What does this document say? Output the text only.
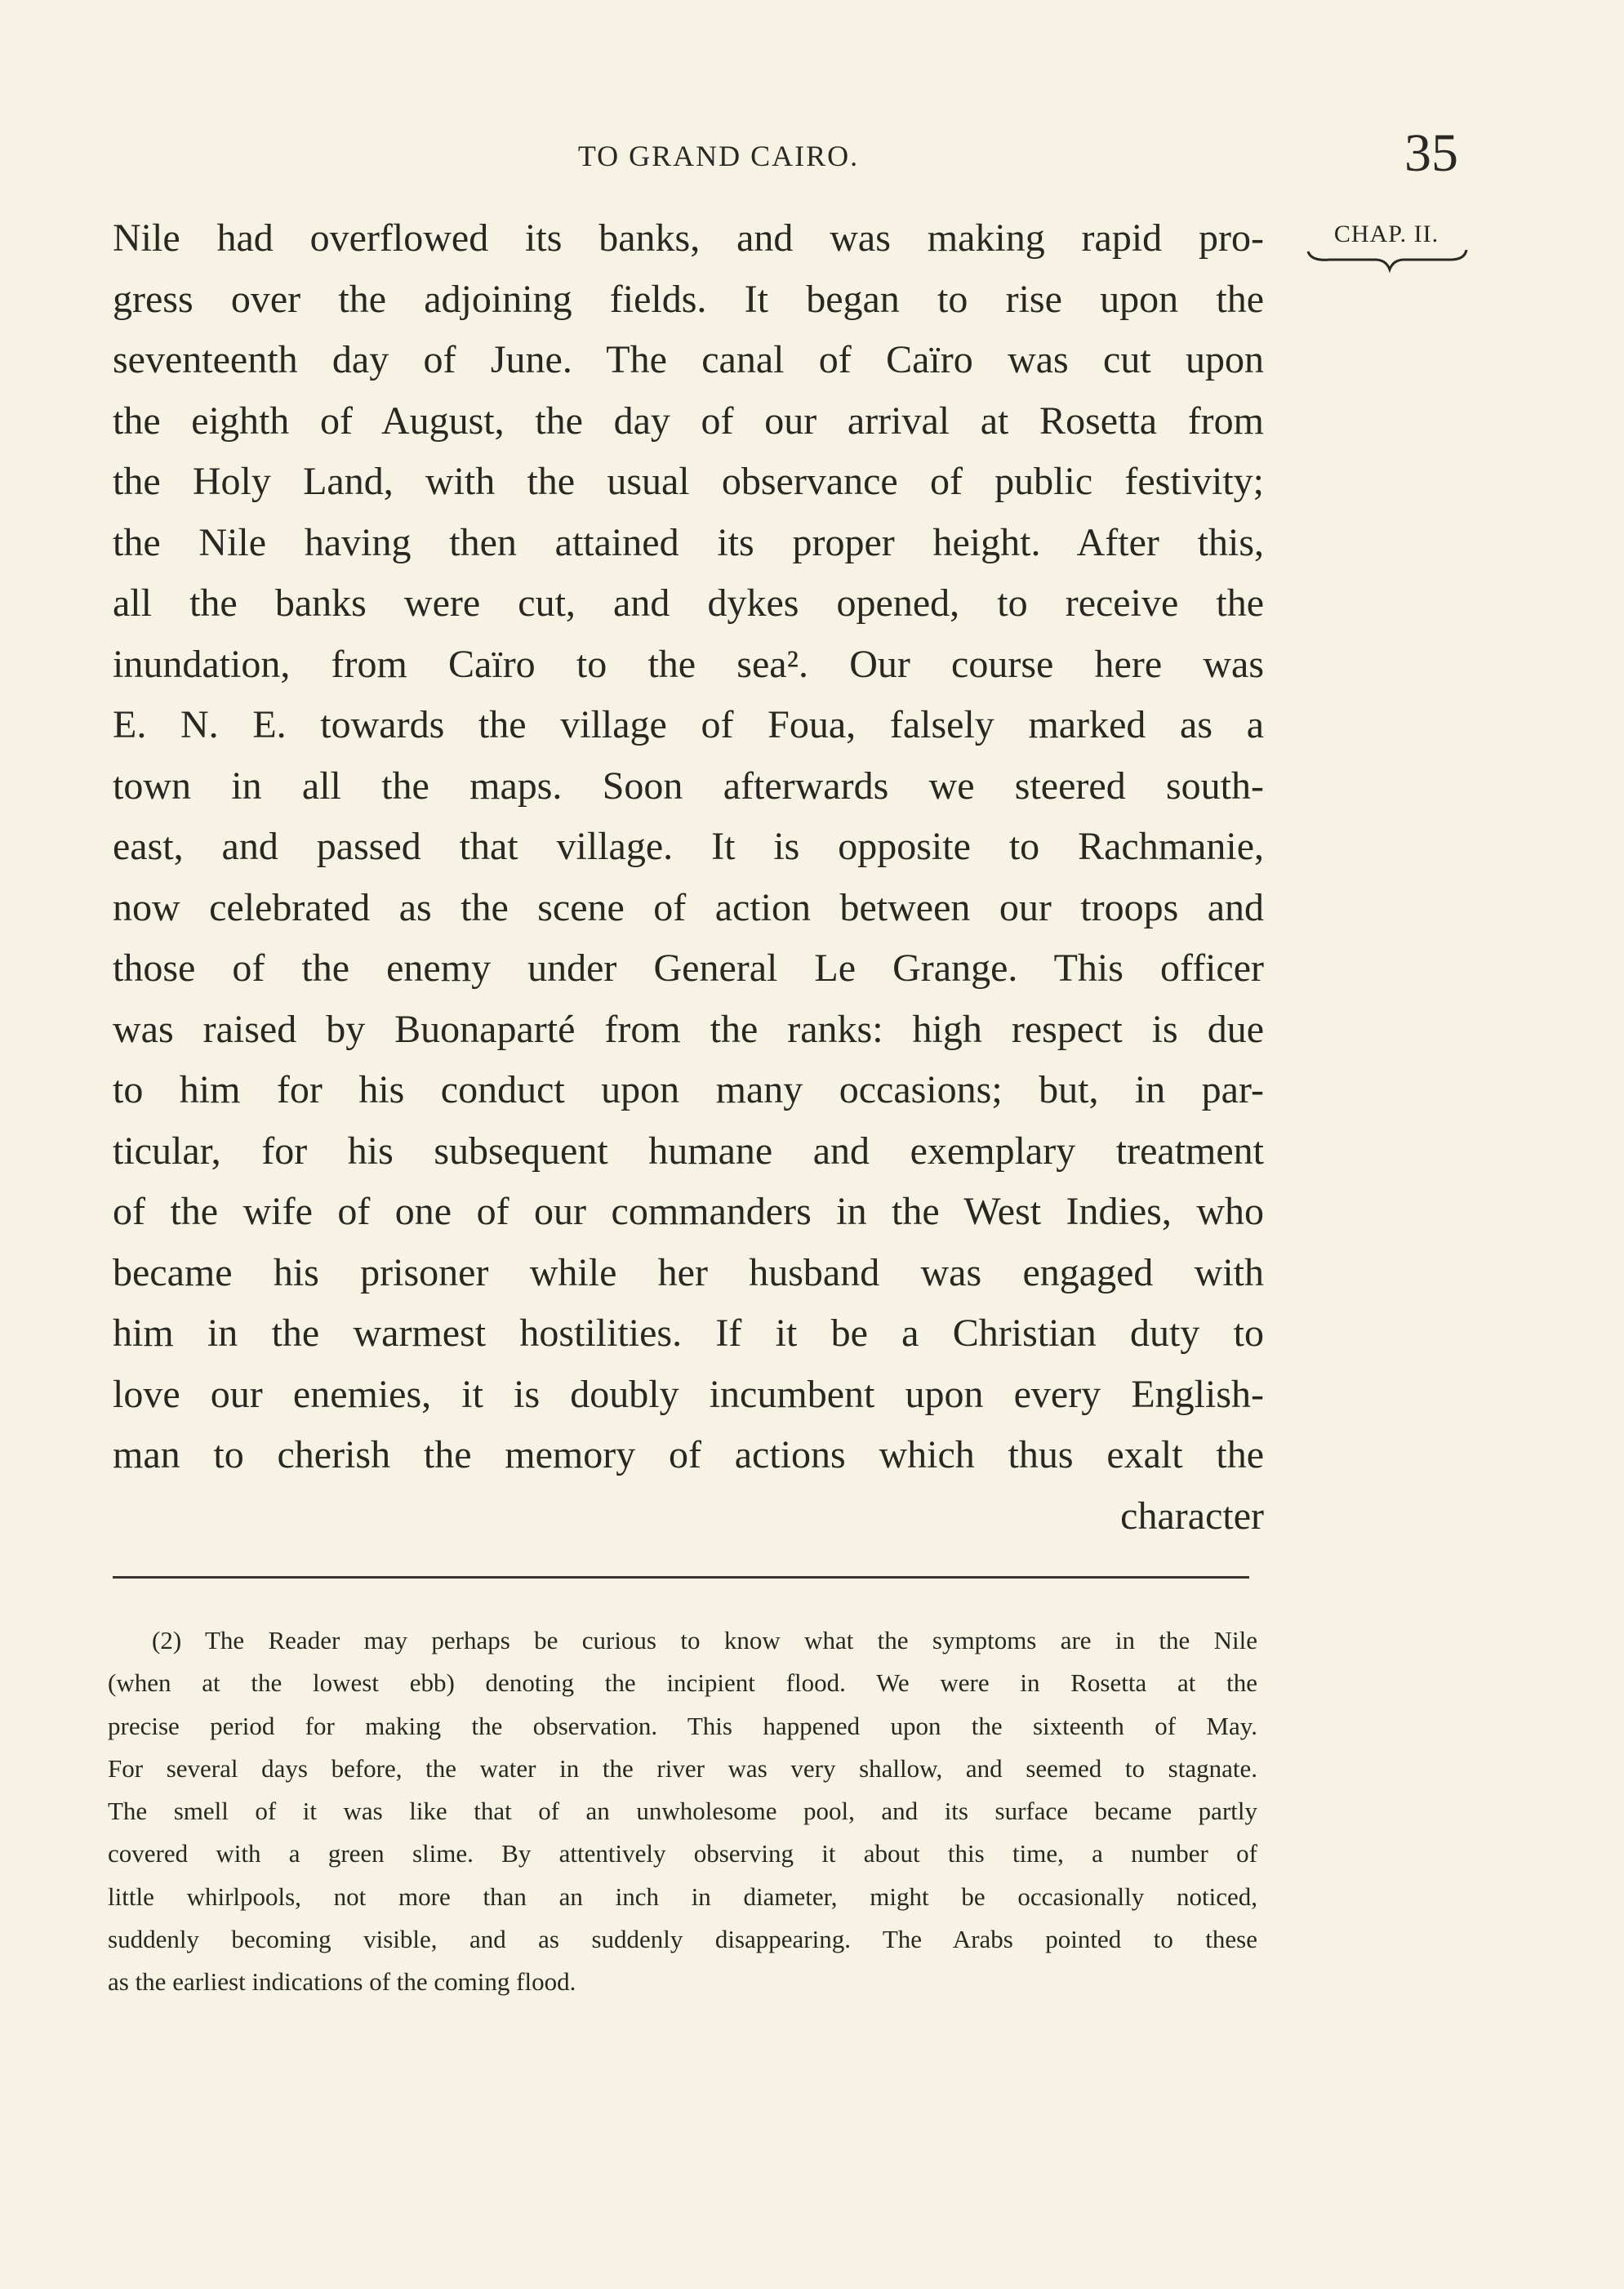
TO GRAND CAIRO.	35
CHAP. II.
Nile had overflowed its banks, and was making rapid pro-
gress over the adjoining fields. It began to rise upon the
seventeenth day of June. The canal of Caïro was cut upon
the eighth of August, the day of our arrival at Rosetta from
the Holy Land, with the usual observance of public festivity;
the Nile having then attained its proper height. After this,
all the banks were cut, and dykes opened, to receive the
inundation, from Caïro to the sea². Our course here was
E. N. E. towards the village of Foua, falsely marked as a
town in all the maps. Soon afterwards we steered south-
east, and passed that village. It is opposite to Rachmanie,
now celebrated as the scene of action between our troops and
those of the enemy under General Le Grange. This officer
was raised by Buonaparté from the ranks: high respect is due
to him for his conduct upon many occasions; but, in par-
ticular, for his subsequent humane and exemplary treatment
of the wife of one of our commanders in the West Indies, who
became his prisoner while her husband was engaged with
him in the warmest hostilities. If it be a Christian duty to
love our enemies, it is doubly incumbent upon every English-
man to cherish the memory of actions which thus exalt the
character
(2) The Reader may perhaps be curious to know what the symptoms are in the Nile
(when at the lowest ebb) denoting the incipient flood. We were in Rosetta at the
precise period for making the observation. This happened upon the sixteenth of May.
For several days before, the water in the river was very shallow, and seemed to stagnate.
The smell of it was like that of an unwholesome pool, and its surface became partly
covered with a green slime. By attentively observing it about this time, a number of
little whirlpools, not more than an inch in diameter, might be occasionally noticed,
suddenly becoming visible, and as suddenly disappearing. The Arabs pointed to these
as the earliest indications of the coming flood.
